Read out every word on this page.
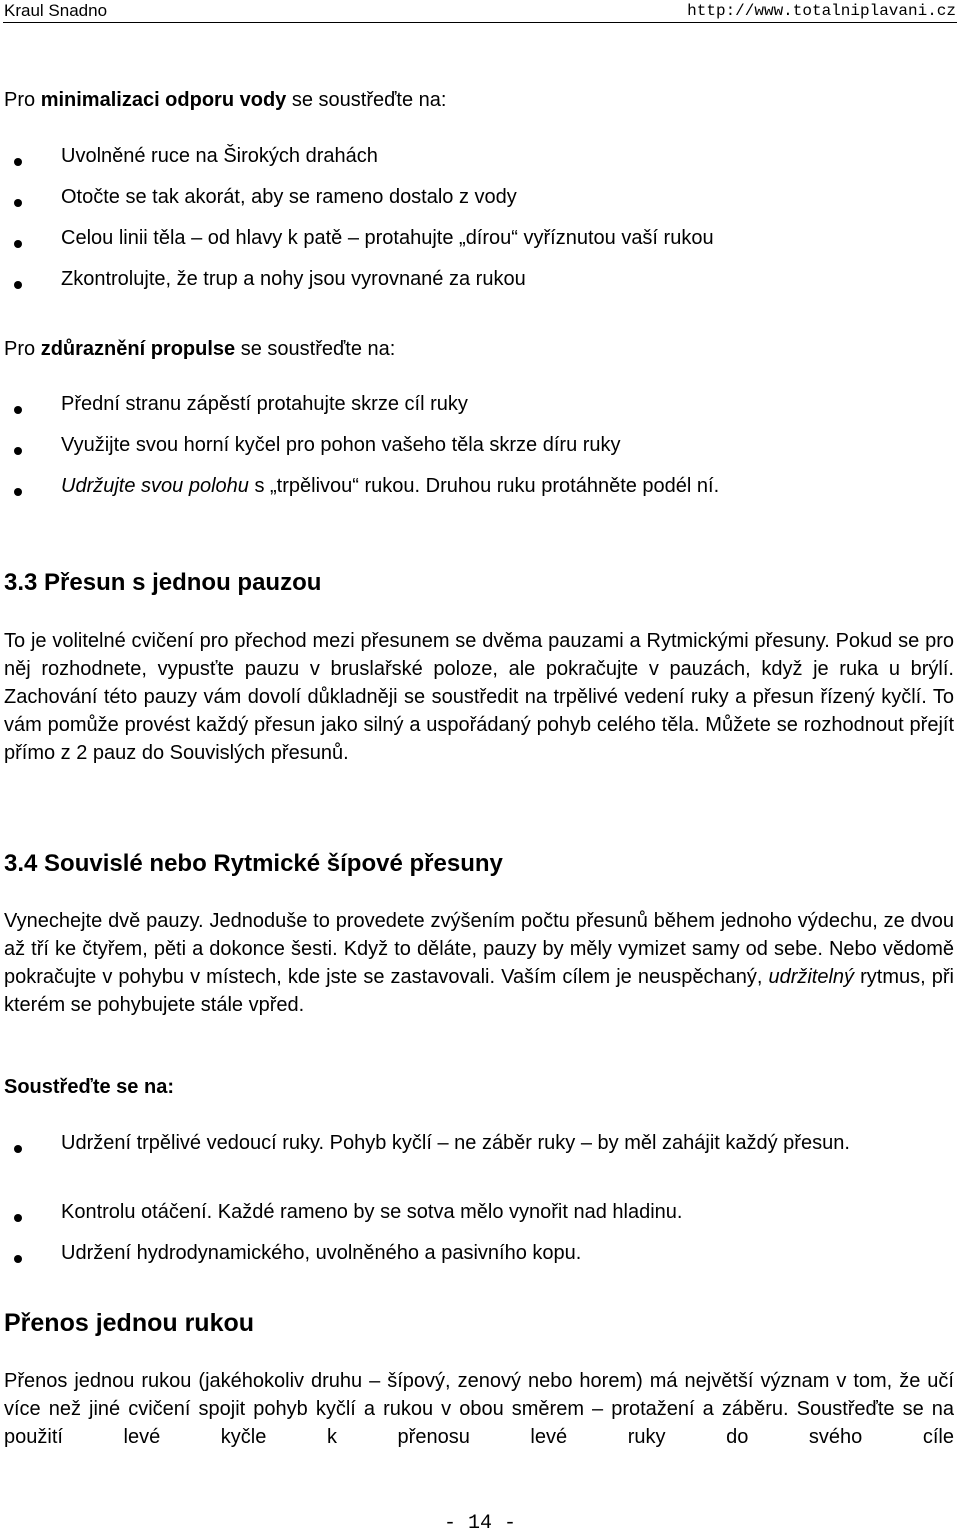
Kraul Snadno	http://www.totalniplavani.cz

Pro minimalizaci odporu vody se soustřeďte na:

Uvolněné ruce na Širokých drahách

Otočte se tak akorát, aby se rameno dostalo z vody

Celou linii těla – od hlavy k patě – protahujte „dírou“ vyříznutou vaší rukou

Zkontrolujte, že trup a nohy jsou vyrovnané za rukou

Pro zdůraznění propulse se soustřeďte na:

Přední stranu zápěstí protahujte skrze cíl ruky

Využijte svou horní kyčel pro pohon vašeho těla skrze díru ruky

Udržujte svou polohu s „trpělivou“ rukou. Druhou ruku protáhněte podél ní.

3.3 Přesun s jednou pauzou

To je volitelné cvičení pro přechod mezi přesunem se dvěma pauzami a Rytmickými přesuny. Pokud se pro něj rozhodnete, vypusťte pauzu v bruslařské poloze, ale pokračujte v pauzách, když je ruka u brýlí. Zachování této pauzy vám dovolí důkladněji se soustředit na trpělivé vedení ruky a přesun řízený kyčlí. To vám pomůže provést každý přesun jako silný a uspořádaný pohyb celého těla. Můžete se rozhodnout přejít přímo z 2 pauz do Souvislých přesunů.

3.4 Souvislé nebo Rytmické šípové přesuny

Vynechejte dvě pauzy. Jednoduše to provedete zvýšením počtu přesunů během jednoho výdechu, ze dvou až tří ke čtyřem, pěti a dokonce šesti. Když to děláte, pauzy by měly vymizet samy od sebe. Nebo vědomě pokračujte v pohybu v místech, kde jste se zastavovali. Vaším cílem je neuspěchaný, udržitelný rytmus, při kterém se pohybujete stále vpřed.

Soustřeďte se na:

Udržení trpělivé vedoucí ruky. Pohyb kyčlí – ne záběr ruky – by měl zahájit každý přesun.

Kontrolu otáčení. Každé rameno by se sotva mělo vynořit nad hladinu.

Udržení hydrodynamického, uvolněného a pasivního kopu.

Přenos jednou rukou

Přenos jednou rukou (jakéhokoliv druhu – šípový, zenový nebo horem) má největší význam v tom, že učí více než jiné cvičení spojit pohyb kyčlí a rukou v obou směrem – protažení a záběru. Soustřeďte se na použití levé kyčle k přenosu levé ruky do svého cíle

- 14 -
